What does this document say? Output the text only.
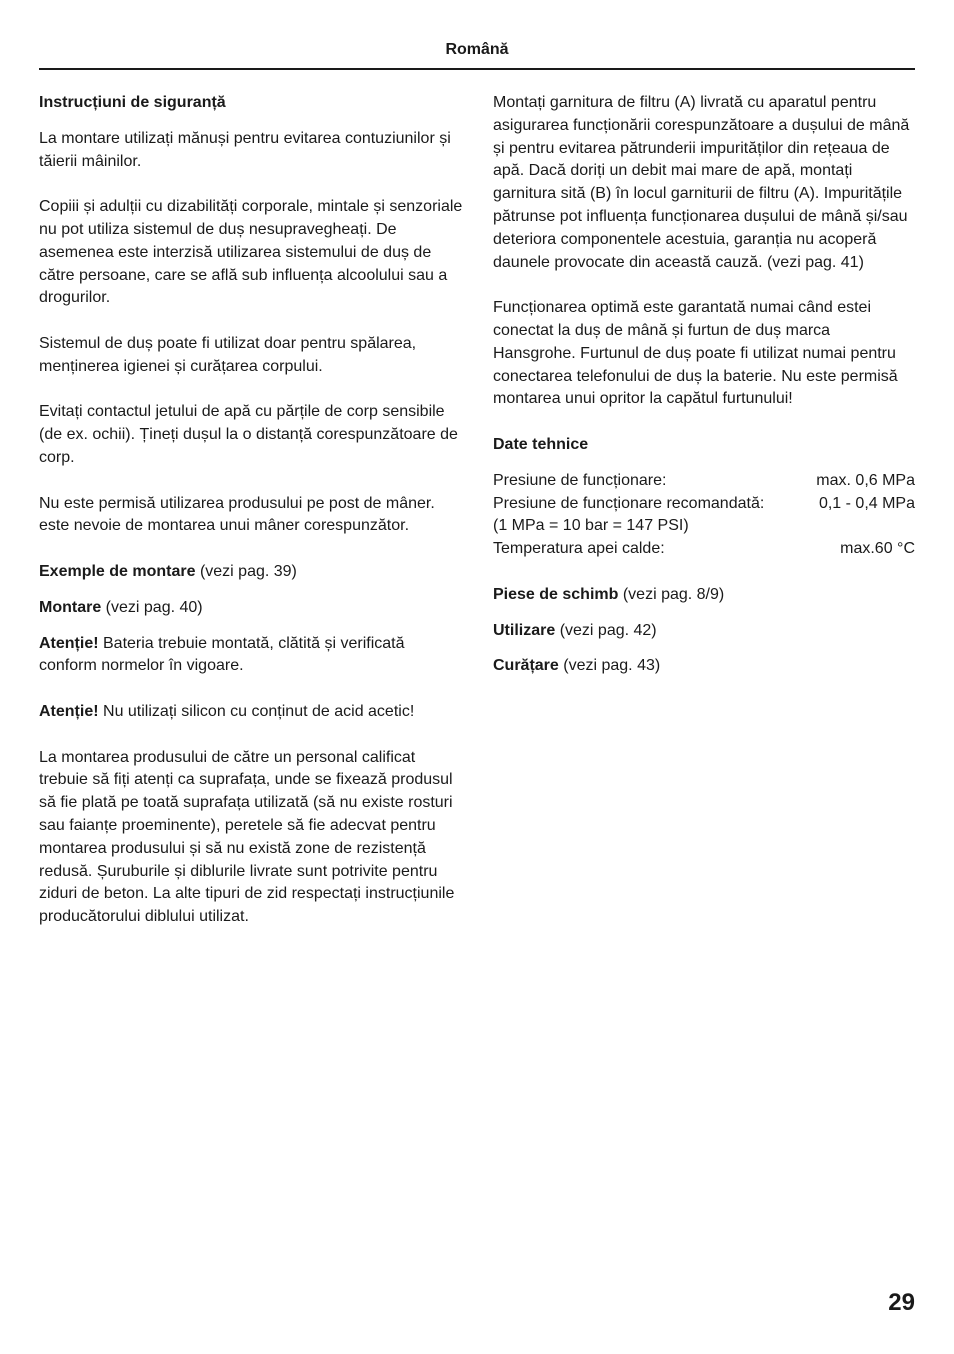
Română
Instrucțiuni de siguranță

La montare utilizați mănuși pentru evitarea contuziunilor și tăierii mâinilor.

Copiii și adulții cu dizabilități corporale, mintale și senzoriale nu pot utiliza sistemul de duș nesupravegheați. De asemenea este interzisă utilizarea sistemului de duș de către persoane, care se află sub influența alcoolului sau a drogurilor.

Sistemul de duș poate fi utilizat doar pentru spălarea, menținerea igienei și curățarea corpului.

Evitați contactul jetului de apă cu părțile de corp sensibile (de ex. ochii). Țineți dușul la o distanță corespunzătoare de corp.

Nu este permisă utilizarea produsului pe post de mâner. este nevoie de montarea unui mâner corespunzător.

Exemple de montare (vezi pag. 39)

Montare (vezi pag. 40)

Atenție! Bateria trebuie montată, clătită și verificată conform normelor în vigoare.

Atenție! Nu utilizați silicon cu conținut de acid acetic!

La montarea produsului de către un personal calificat trebuie să fiți atenți ca suprafața, unde se fixează produsul să fie plată pe toată suprafața utilizată (să nu existe rosturi sau faianțe proeminente), peretele să fie adecvat pentru montarea produsului și să nu există zone de rezistență redusă. Șuruburile și diblurile livrate sunt potrivite pentru ziduri de beton. La alte tipuri de zid respectați instrucțiunile producătorului diblului utilizat.

Montați garnitura de filtru (A) livrată cu aparatul pentru asigurarea funcționării corespunzătoare a dușului de mână și pentru evitarea pătrunderii impurităților din rețeaua de apă. Dacă doriți un debit mai mare de apă, montați garnitura sită (B) în locul garniturii de filtru (A). Impuritățile pătrunse pot influența funcționarea dușului de mână și/sau deteriora componentele acestuia, garanția nu acoperă daunele provocate din această cauză. (vezi pag. 41)

Funcționarea optimă este garantată numai când estei conectat la duș de mână și furtun de duș marca Hansgrohe. Furtunul de duș poate fi utilizat numai pentru conectarea telefonului de duș la baterie. Nu este permisă montarea unui opritor la capătul furtunului!

Date tehnice
Presiune de funcționare:	max. 0,6 MPa
Presiune de funcționare recomandată:	0,1 - 0,4 MPa
(1 MPa = 10 bar = 147 PSI)
Temperatura apei calde:	max.60 °C

Piese de schimb (vezi pag. 8/9)

Utilizare (vezi pag. 42)

Curățare (vezi pag. 43)

29
